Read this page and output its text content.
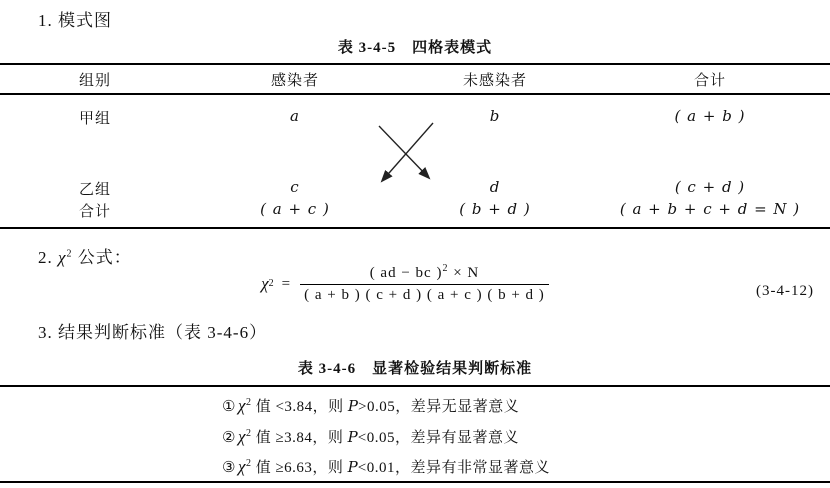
1. 模式图
表 3-4-5　四格表模式
组别	感染者	未感染者	合计
甲组	a	b	( a + b )
乙组	c	d	( c + d )
合计	( a + c )	( b + d )	( a + b + c + d = N )
2. $\chi^2$ 公式：
χ $2 = \frac{( ad - bc )^2 \times N}{( a + b ) ( c + d ) ( a + c ) ( b + d )}$	(3-4-12)
3. 结果判断标准（表 3-4-6）
表 3-4-6　显著检验结果判断标准
① $\chi^2$ 值 <3.84，则 P>0.05，差异无显著意义
② $\chi^2$ 值 ≥3.84，则 P<0.05，差异有显著意义
③ $\chi^2$ 值 ≥6.63，则 P<0.01，差异有非常显著意义
